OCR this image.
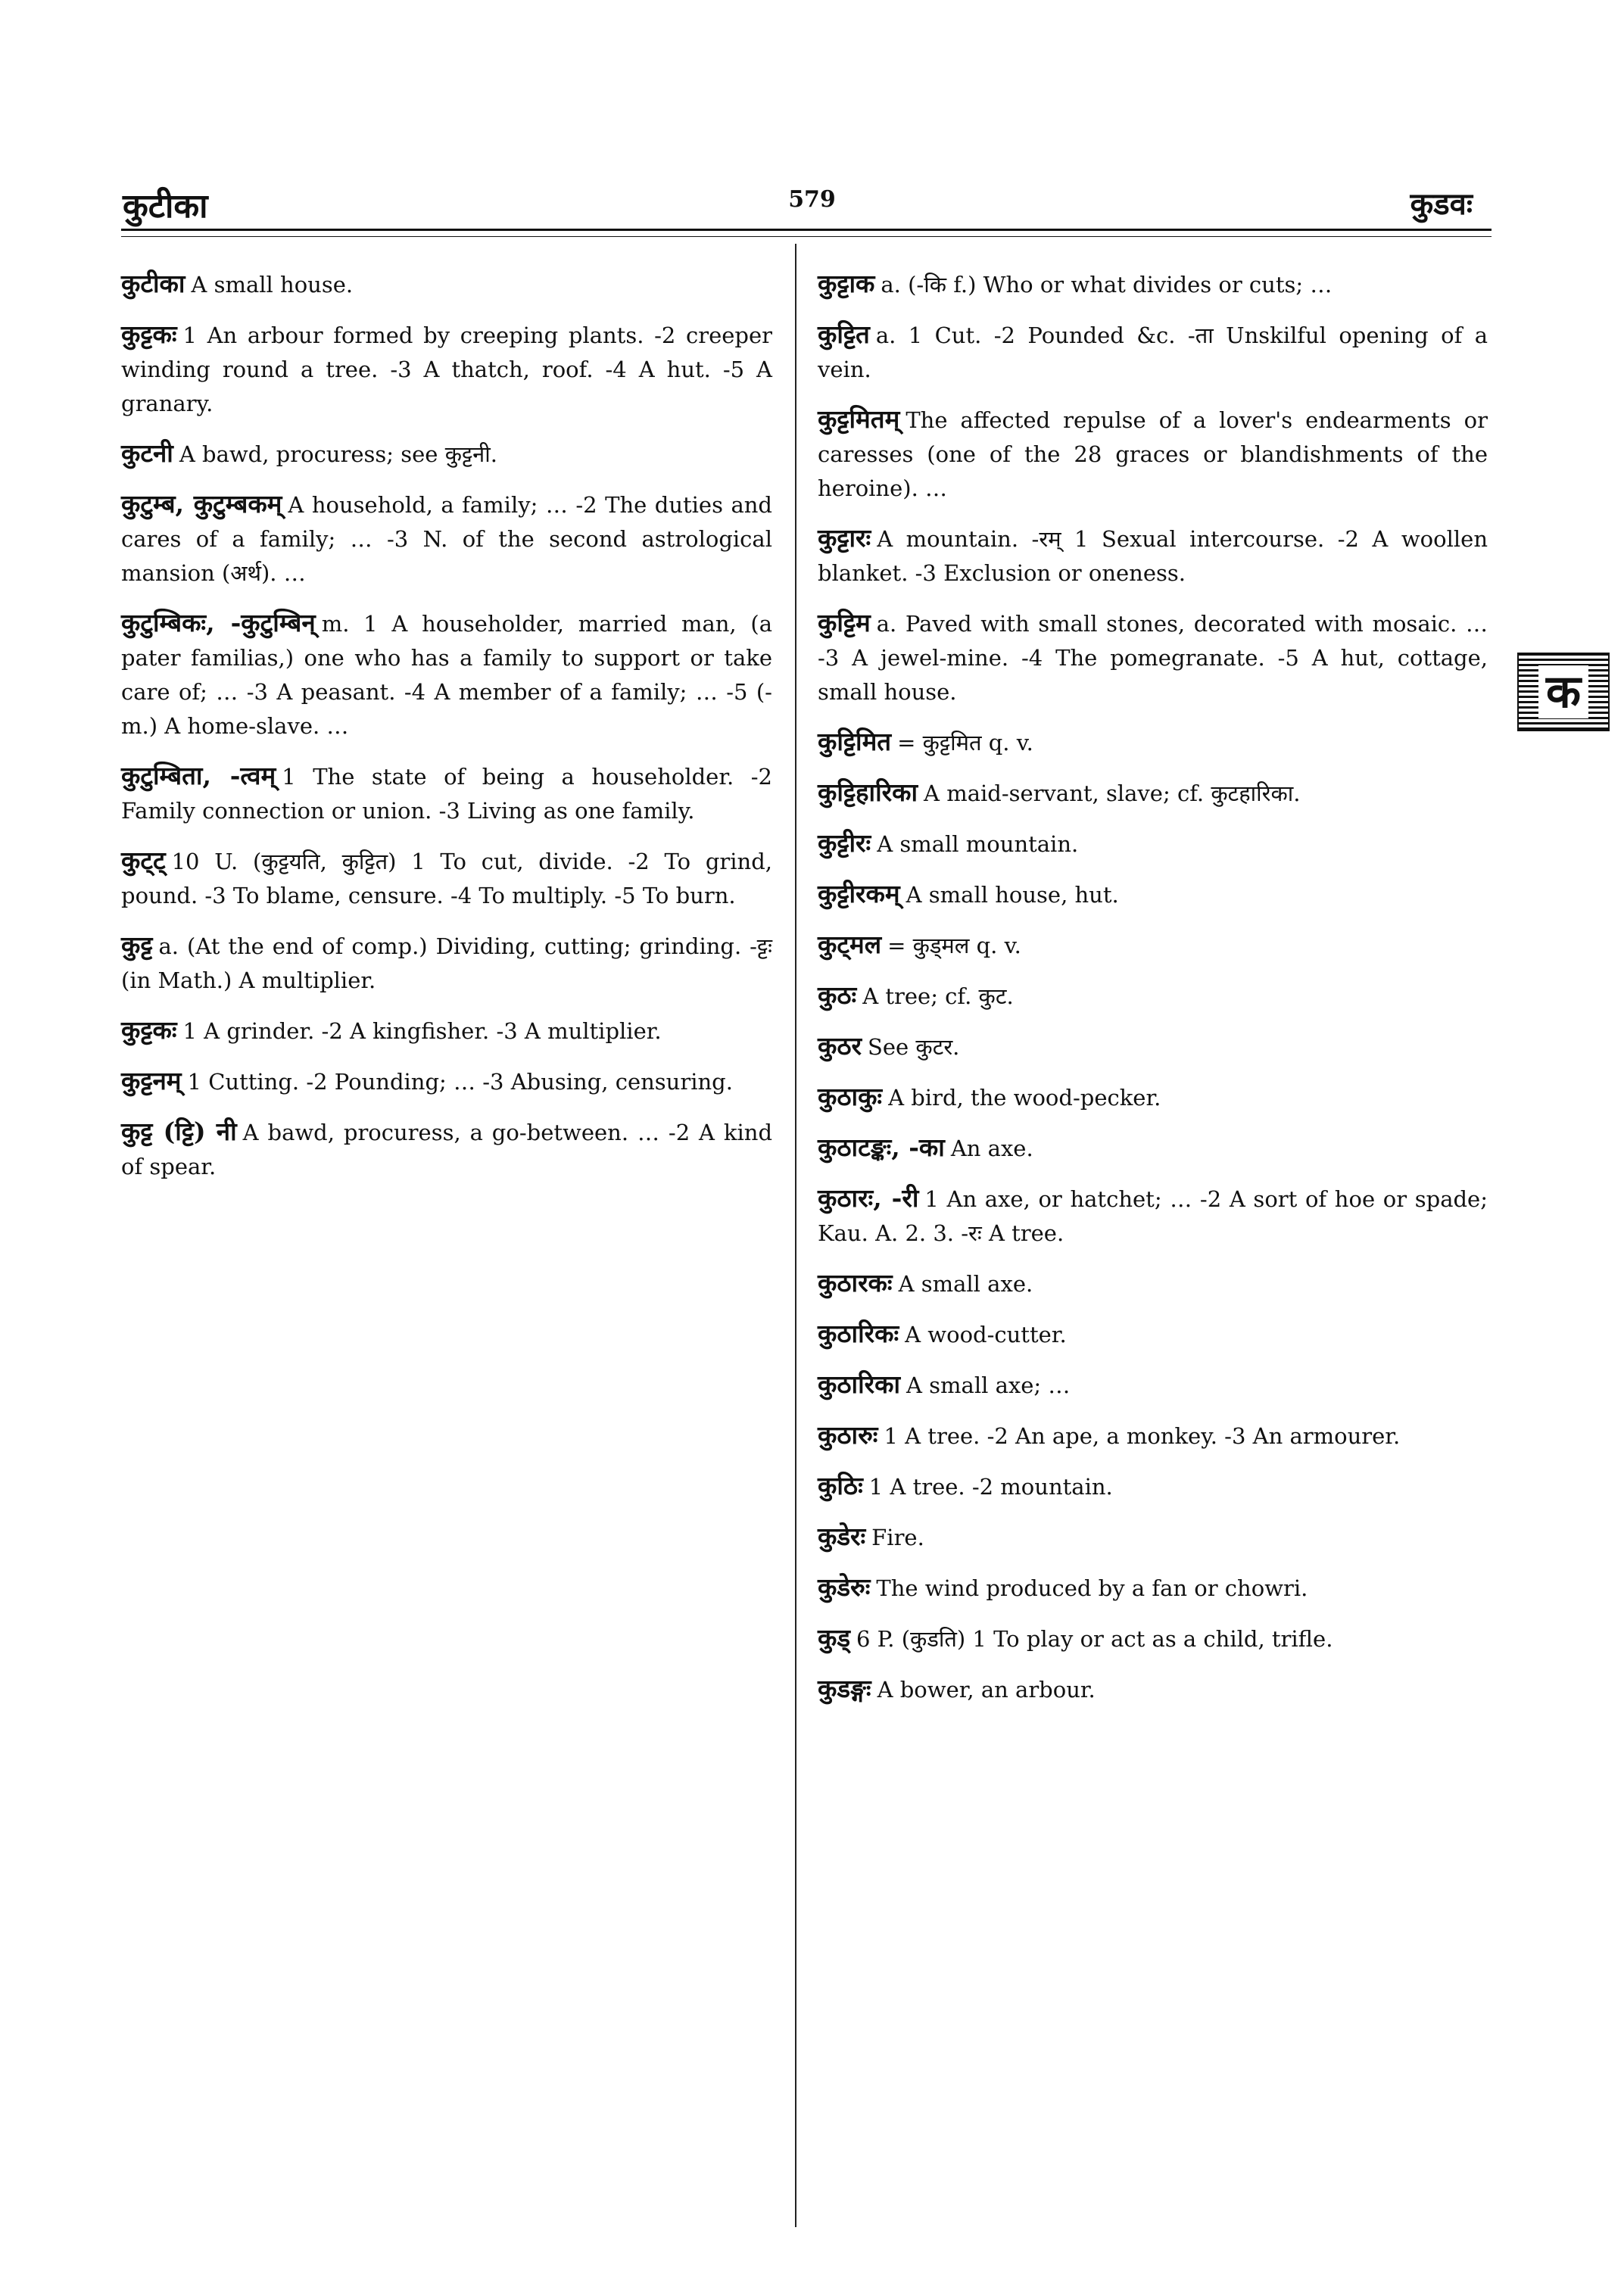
कुटीका	579	कुडवः
कुटीका A small house.
कुट्टकः 1 An arbour formed by creeping plants. -2 creeper winding round a tree. -3 A thatch, roof. -4 A hut. -5 A granary.
कुटनी A bawd, procuress; see कुट्टनी.
कुटुम्ब, कुटुम्बकम् A household, a family; … -2 The duties and cares of a family; … -3 N. of the second astrological mansion (अर्थ). …
कुटुम्बिकः, -कुटुम्बिन् m. 1 A householder, married man, (a pater familias,) one who has a family to support or take care of; … -3 A peasant. -4 A member of a family; … -5 (-m.) A home-slave. …
कुटुम्बिता, -त्वम् 1 The state of being a householder. -2 Family connection or union. -3 Living as one family.
कुट्ट् 10 U. (कुट्टयति, कुट्टित) 1 To cut, divide. -2 To grind, pound. -3 To blame, censure. -4 To multiply. -5 To burn.
कुट्ट a. (At the end of comp.) Dividing, cutting; grinding. -ट्टः (in Math.) A multiplier.
कुट्टकः 1 A grinder. -2 A kingfisher. -3 A multiplier.
कुट्टनम् 1 Cutting. -2 Pounding; … -3 Abusing, censuring.
कुट्ट (ट्टि) नी A bawd, procuress, a go-between. … -2 A kind of spear.
कुट्टाक a. (-कि f.) Who or what divides or cuts; …
कुट्टित a. 1 Cut. -2 Pounded &c. -ता Unskilful opening of a vein.
कुट्टमितम् The affected repulse of a lover's endearments or caresses (one of the 28 graces or blandishments of the heroine). …
कुट्टारः A mountain. -रम् 1 Sexual intercourse. -2 A woollen blanket. -3 Exclusion or oneness.
कुट्टिम a. Paved with small stones, decorated with mosaic. … -3 A jewel-mine. -4 The pomegranate. -5 A hut, cottage, small house.
कुट्टिमित = कुट्टमित q. v.
कुट्टिहारिका A maid-servant, slave; cf. कुटहारिका.
कुट्टीरः A small mountain.
कुट्टीरकम् A small house, hut.
कुट्मल = कुड्मल q. v.
कुठः A tree; cf. कुट.
कुठर See कुटर.
कुठाकुः A bird, the wood-pecker.
कुठाटङ्कः, -का An axe.
कुठारः, -री 1 An axe, or hatchet; … -2 A sort of hoe or spade; Kau. A. 2. 3. -रः A tree.
कुठारकः A small axe.
कुठारिकः A wood-cutter.
कुठारिका A small axe; …
कुठारुः 1 A tree. -2 An ape, a monkey. -3 An armourer.
कुठिः 1 A tree. -2 mountain.
कुडेरः Fire.
कुडेरुः The wind produced by a fan or chowri.
कुड् 6 P. (कुडति) 1 To play or act as a child, trifle.
कुडङ्गः A bower, an arbour.
क
